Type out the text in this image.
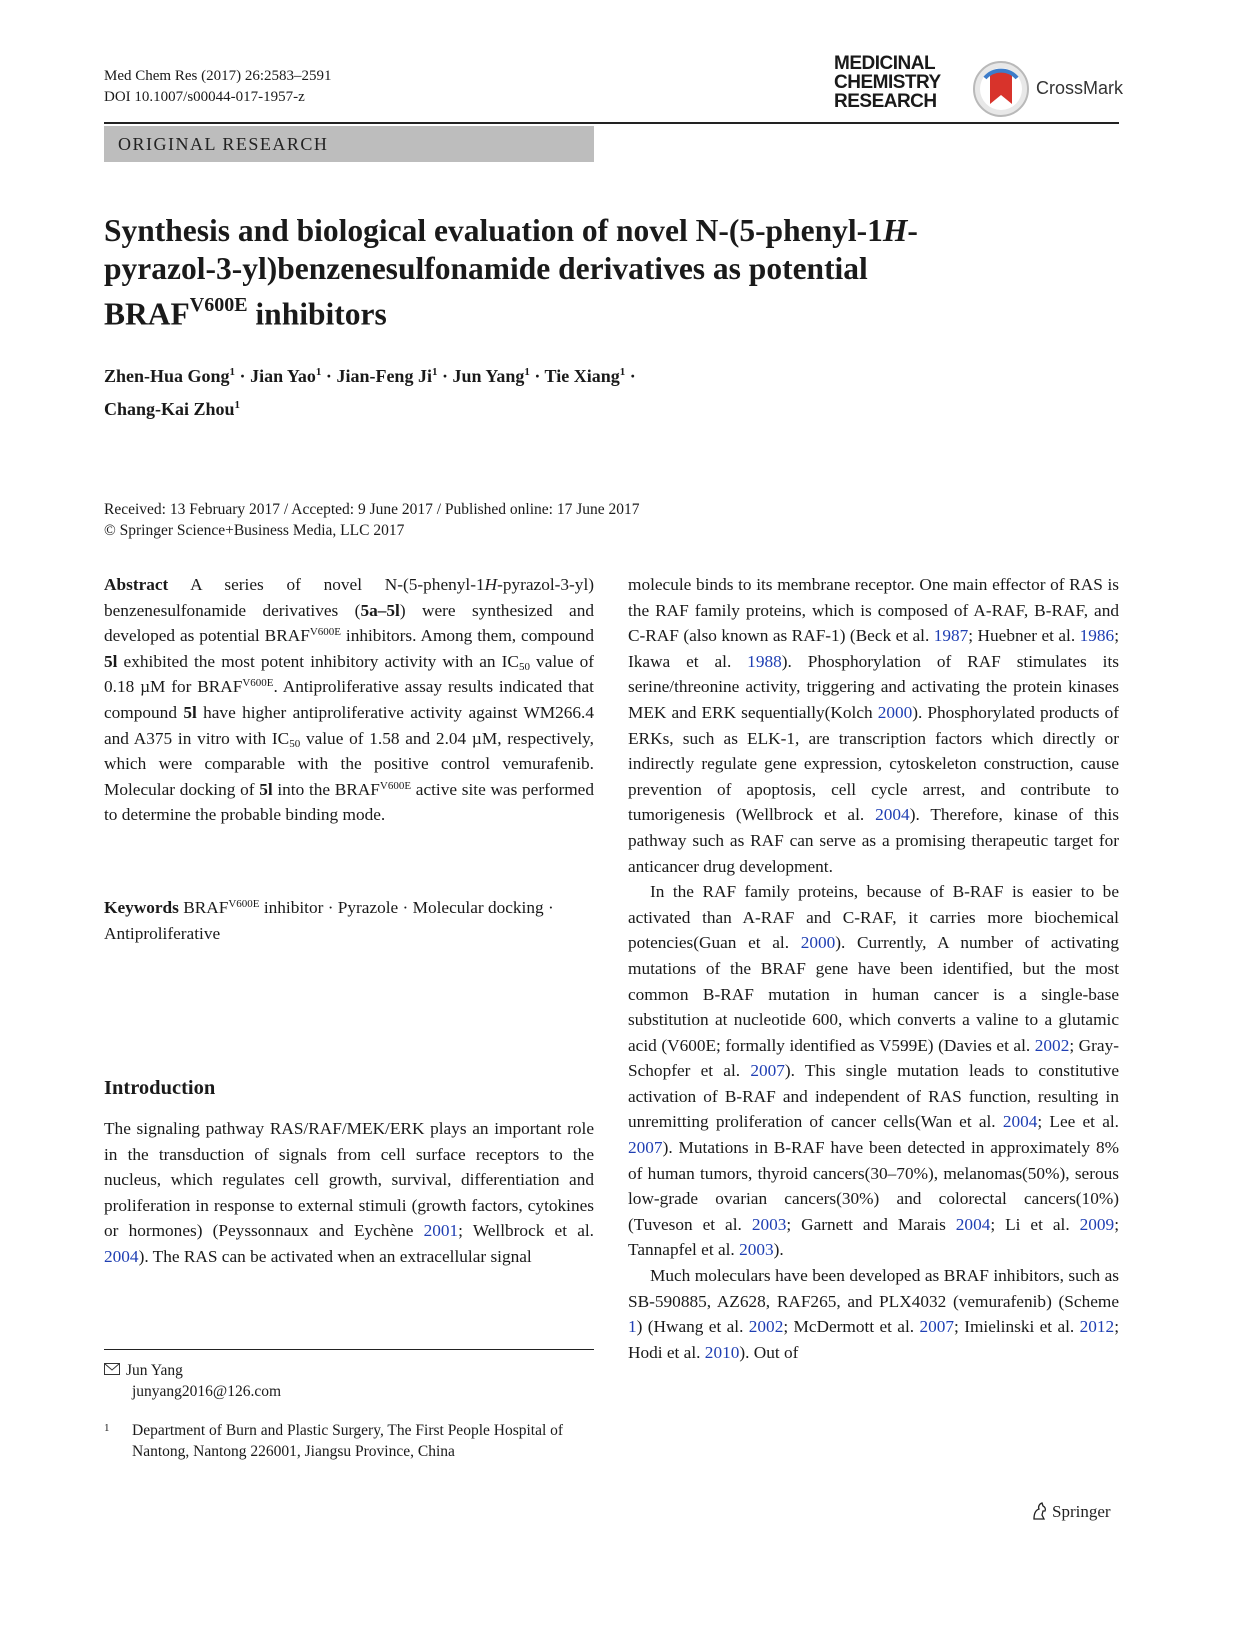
Med Chem Res (2017) 26:2583–2591
DOI 10.1007/s00044-017-1957-z
MEDICINAL
CHEMISTRY
RESEARCH
CrossMark
ORIGINAL RESEARCH
Synthesis and biological evaluation of novel N-(5-phenyl-1H-
pyrazol-3-yl)benzenesulfonamide derivatives as potential
$BRAF^{V600E}$ inhibitors
Zhen-Hua Gong$^1$ · Jian Yao$^1$ · Jian-Feng $Ji^1$ · Jun Yang$^1$ · Tie Xiang$^1$ ·
Chang-Kai Zhou$^1$
Received: 13 February 2017 / Accepted: 9 June 2017 / Published online: 17 June 2017
© Springer Science+Business Media, LLC 2017

Abstract A series of novel N-(5-phenyl-1H-pyrazol-3-yl) benzenesulfonamide derivatives (5a–5l) were synthesized and developed as potential $BRAF^{V600E}$ inhibitors. Among them, compound 5l exhibited the most potent inhibitory activity with an $IC_{50}$ value of 0.18 µM for $BRAF^{V600E}$. Antiproliferative assay results indicated that compound 5l have higher antiproliferative activity against WM266.4 and A375 in vitro with $IC_{50}$ value of 1.58 and 2.04 µM, respectively, which were comparable with the positive control vemurafenib. Molecular docking of 5l into the $BRAF^{V600E}$ active site was performed to determine the probable binding mode.

Keywords $BRAF^{V600E}$ inhibitor · Pyrazole · Molecular docking · Antiproliferative

Introduction

The signaling pathway RAS/RAF/MEK/ERK plays an important role in the transduction of signals from cell surface receptors to the nucleus, which regulates cell growth, survival, differentiation and proliferation in response to external stimuli (growth factors, cytokines or hormones) (Peyssonnaux and Eychène 2001; Wellbrock et al. 2004). The RAS can be activated when an extracellular signal

Jun Yang
junyang2016@126.com
1 Department of Burn and Plastic Surgery, The First People Hospital of Nantong, Nantong 226001, Jiangsu Province, China

molecule binds to its membrane receptor. One main effector of RAS is the RAF family proteins, which is composed of A-RAF, B-RAF, and C-RAF (also known as RAF-1) (Beck et al. 1987; Huebner et al. 1986; Ikawa et al. 1988). Phosphorylation of RAF stimulates its serine/threonine activity, triggering and activating the protein kinases MEK and ERK sequentially(Kolch 2000). Phosphorylated products of ERKs, such as ELK-1, are transcription factors which directly or indirectly regulate gene expression, cytoskeleton construction, cause prevention of apoptosis, cell cycle arrest, and contribute to tumorigenesis (Wellbrock et al. 2004). Therefore, kinase of this pathway such as RAF can serve as a promising therapeutic target for anticancer drug development.

In the RAF family proteins, because of B-RAF is easier to be activated than A-RAF and C-RAF, it carries more biochemical potencies(Guan et al. 2000). Currently, A number of activating mutations of the BRAF gene have been identified, but the most common B-RAF mutation in human cancer is a single-base substitution at nucleotide 600, which converts a valine to a glutamic acid (V600E; formally identified as V599E) (Davies et al. 2002; Gray-Schopfer et al. 2007). This single mutation leads to constitutive activation of B-RAF and independent of RAS function, resulting in unremitting proliferation of cancer cells(Wan et al. 2004; Lee et al. 2007). Mutations in B-RAF have been detected in approximately 8% of human tumors, thyroid cancers(30–70%), melanomas(50%), serous low-grade ovarian cancers(30%) and colorectal cancers(10%) (Tuveson et al. 2003; Garnett and Marais 2004; Li et al. 2009; Tannapfel et al. 2003).

Much moleculars have been developed as BRAF inhibitors, such as SB-590885, AZ628, RAF265, and PLX4032 (vemurafenib) (Scheme 1) (Hwang et al. 2002; McDermott et al. 2007; Imielinski et al. 2012; Hodi et al. 2010). Out of

Springer
